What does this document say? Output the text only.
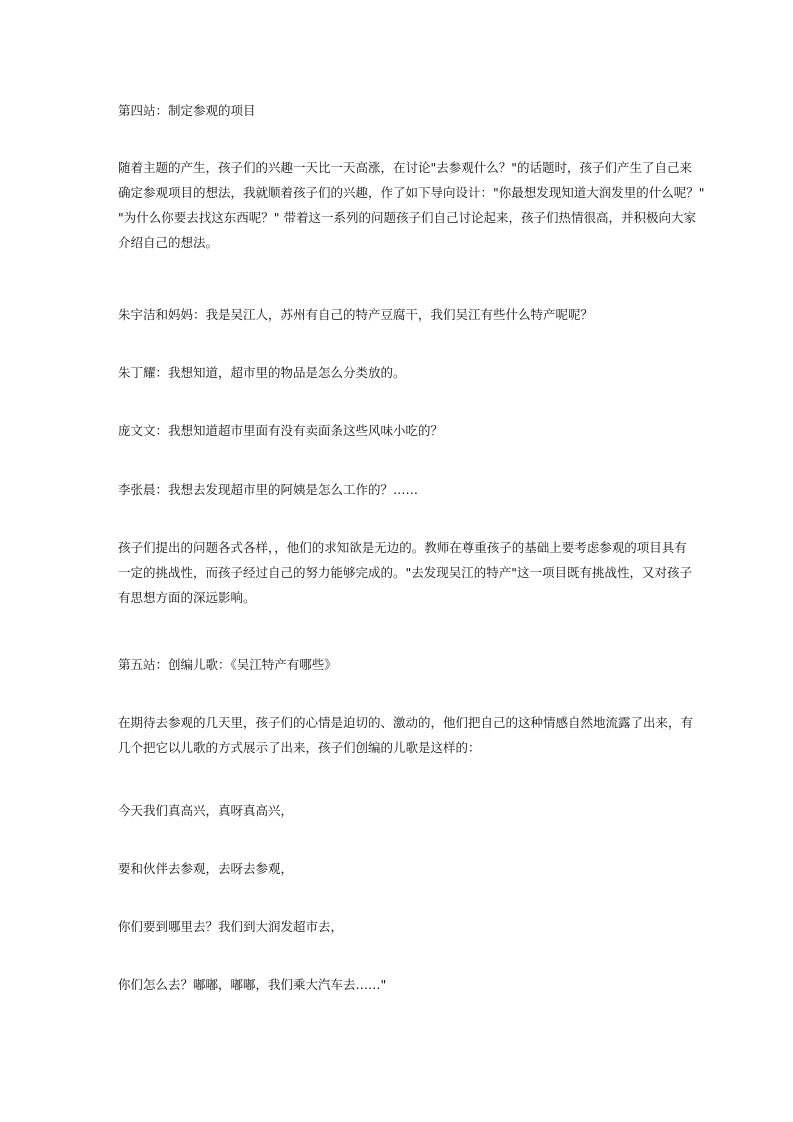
第四站：制定参观的项目
随着主题的产生，孩子们的兴趣一天比一天高涨，在讨论"去参观什么？"的话题时，孩子们产生了自己来
确定参观项目的想法，我就顺着孩子们的兴趣，作了如下导向设计："你最想发现知道大润发里的什么呢？"
"为什么你要去找这东西呢？" 带着这一系列的问题孩子们自己讨论起来，孩子们热情很高，并积极向大家
介绍自己的想法。
朱宇洁和妈妈：我是吴江人，苏州有自己的特产豆腐干，我们吴江有些什么特产呢呢？
朱丁耀：我想知道，超市里的物品是怎么分类放的。
庞文文：我想知道超市里面有没有卖面条这些风味小吃的？
李张晨：我想去发现超市里的阿姨是怎么工作的？……
孩子们提出的问题各式各样，，他们的求知欲是无边的。教师在尊重孩子的基础上要考虑参观的项目具有
一定的挑战性，而孩子经过自己的努力能够完成的。"去发现吴江的特产"这一项目既有挑战性，又对孩子
有思想方面的深远影响。
第五站：创编儿歌：《吴江特产有哪些》
在期待去参观的几天里，孩子们的心情是迫切的、激动的，他们把自己的这种情感自然地流露了出来，有
几个把它以儿歌的方式展示了出来，孩子们创编的儿歌是这样的：
今天我们真高兴，真呀真高兴，
要和伙伴去参观，去呀去参观，
你们要到哪里去？我们到大润发超市去，
你们怎么去？嘟嘟，嘟嘟，我们乘大汽车去……"
